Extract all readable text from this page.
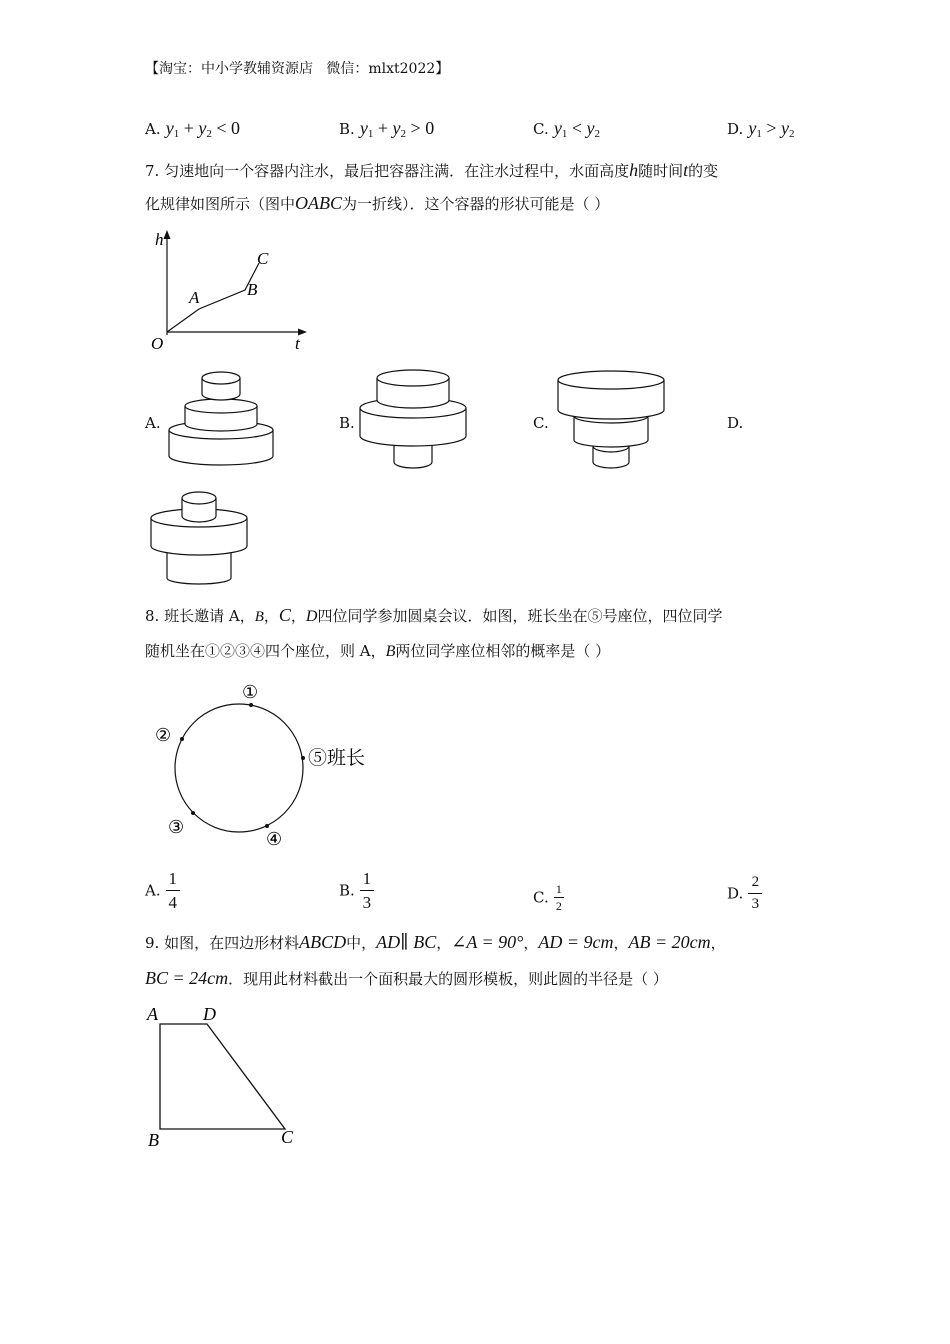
【淘宝：中小学教辅资源店 微信：mlxt2022】
A. $y_1 + y_2 < 0$	B. $y_1 + y_2 > 0$	C. $y_1 < y_2$	D. $y_1 > y_2$
7. 匀速地向一个容器内注水，最后把容器注满．在注水过程中，水面高度h随时间t的变
化规律如图所示（图中OABC为一折线）．这个容器的形状可能是（ ）
h
t
O
A	B
C
A.	B.	C.	D.
8. 班长邀请 A，B，C，D四位同学参加圆桌会议．如图，班长坐在⑤号座位，四位同学
随机坐在①②③④四个座位，则 A，B两位同学座位相邻的概率是（ ）
①
②
③
④
⑤班长
A. $\frac{1}{4}$	B. $\frac{1}{3}$	C. $\frac{1}{2}$	D. $\frac{2}{3}$
9. 如图，在四边形材料ABCD中，AD∥ BC，∠A = 90°，AD = 9cm，AB = 20cm，
BC = 24cm．现用此材料截出一个面积最大的圆形模板，则此圆的半径是（ ）
A	D
B	C
